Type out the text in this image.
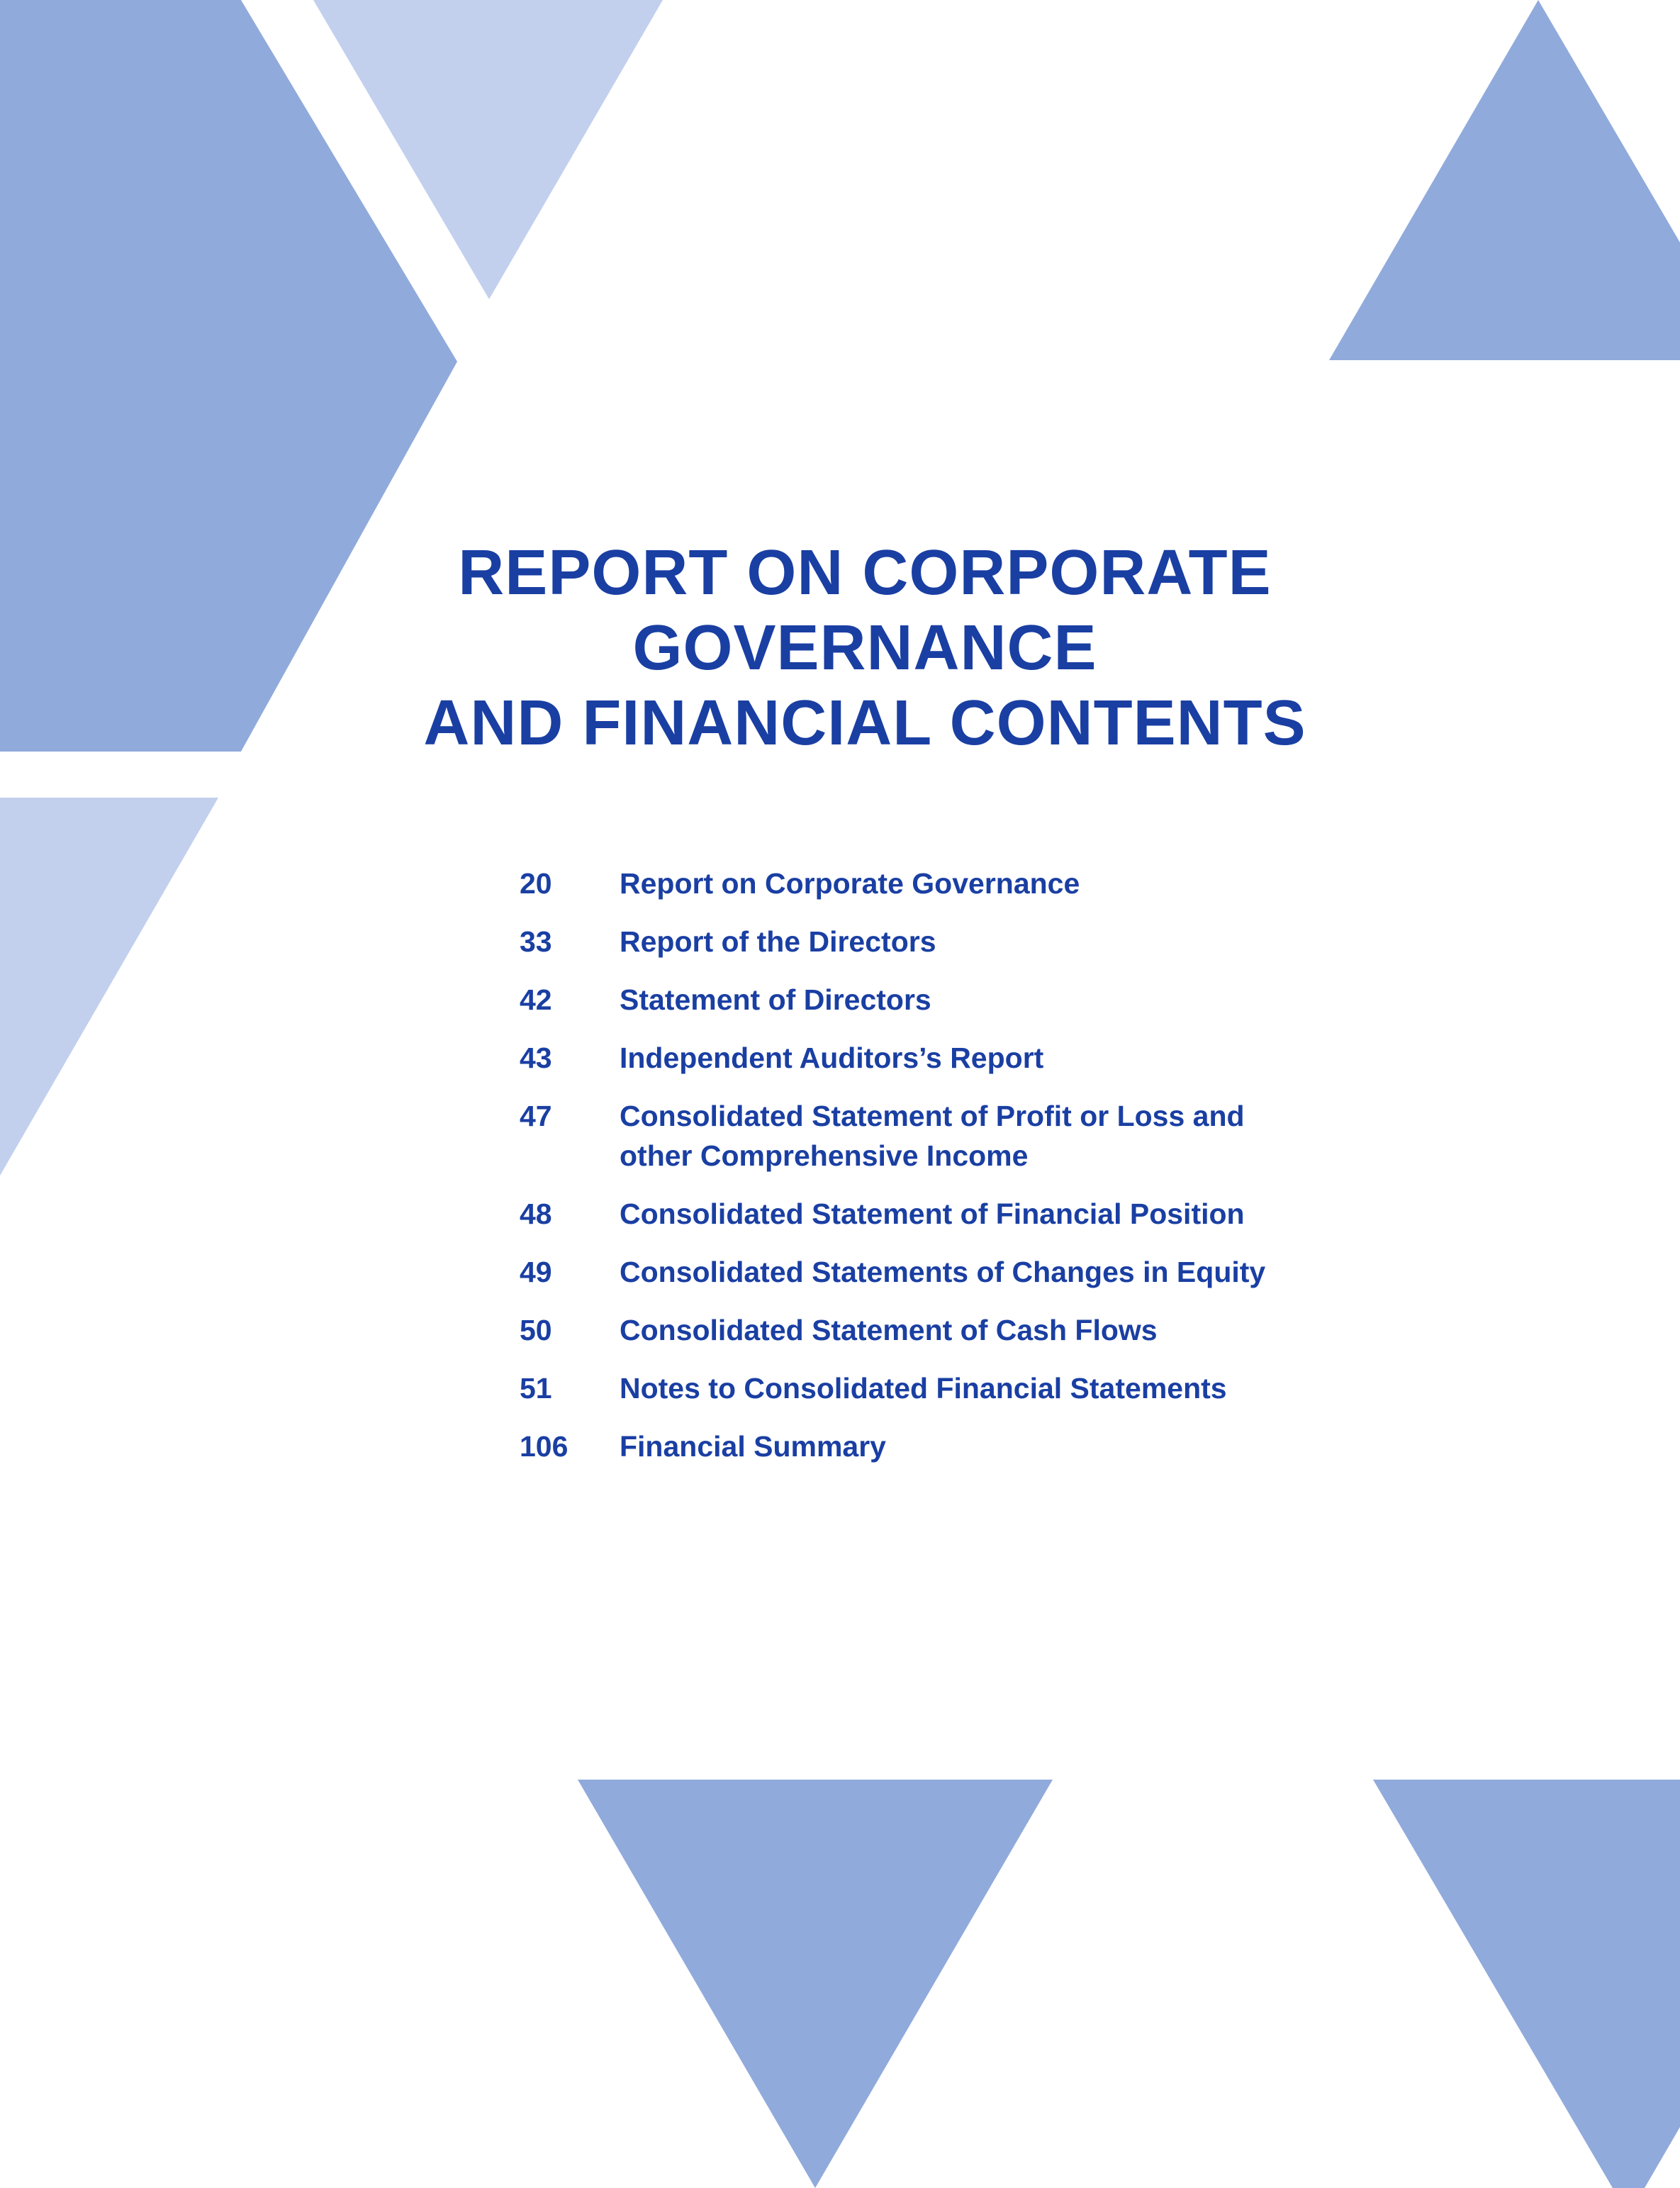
REPORT ON CORPORATE
GOVERNANCE
AND FINANCIAL CONTENTS
20	Report on Corporate Governance
33	Report of the Directors
42	Statement of Directors
43	Independent Auditors’s Report
47	Consolidated Statement of Profit or Loss and
other Comprehensive Income
48	Consolidated Statement of Financial Position
49	Consolidated Statements of Changes in Equity
50	Consolidated Statement of Cash Flows
51	Notes to Consolidated Financial Statements
106	Financial Summary
